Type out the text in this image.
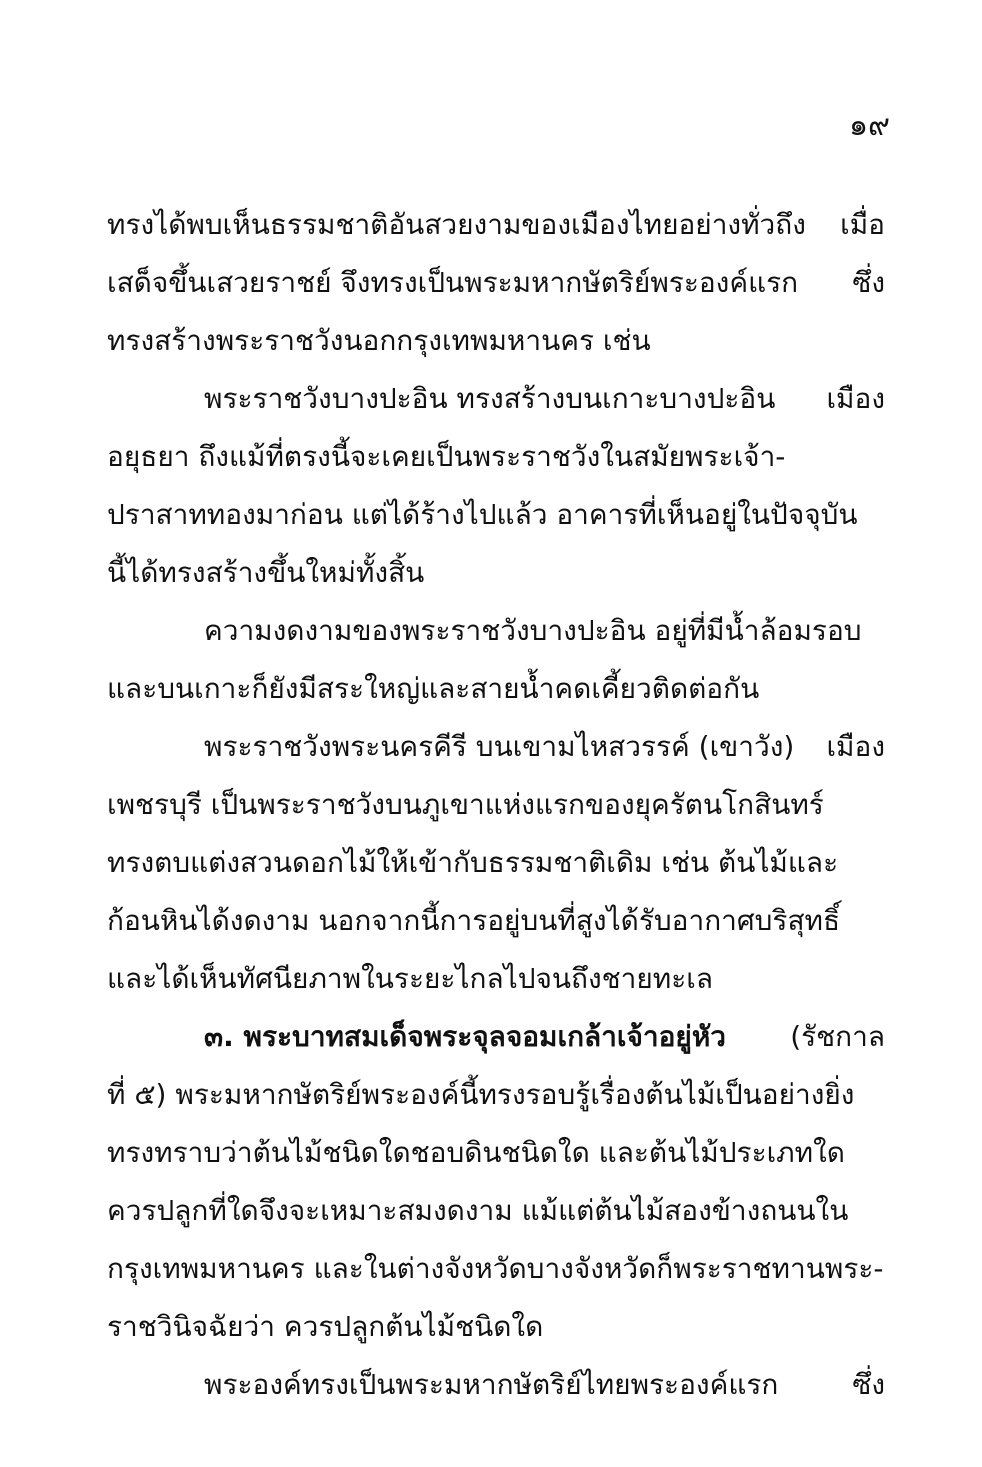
๑๙
ทรงได้พบเห็นธรรมชาติอันสวยงามของเมืองไทยอย่างทั่วถึง เมื่อ
เสด็จขึ้นเสวยราชย์ จึงทรงเป็นพระมหากษัตริย์พระองค์แรก ซึ่ง
ทรงสร้างพระราชวังนอกกรุงเทพมหานคร เช่น
พระราชวังบางปะอิน ทรงสร้างบนเกาะบางปะอิน เมือง
อยุธยา ถึงแม้ที่ตรงนี้จะเคยเป็นพระราชวังในสมัยพระเจ้า-
ปราสาททองมาก่อน แต่ได้ร้างไปแล้ว อาคารที่เห็นอยู่ในปัจจุบัน
นี้ได้ทรงสร้างขึ้นใหม่ทั้งสิ้น
ความงดงามของพระราชวังบางปะอิน อยู่ที่มีน้ำล้อมรอบ
และบนเกาะก็ยังมีสระใหญ่และสายน้ำคดเคี้ยวติดต่อกัน
พระราชวังพระนครคีรี บนเขามไหสวรรค์ (เขาวัง) เมือง
เพชรบุรี เป็นพระราชวังบนภูเขาแห่งแรกของยุครัตนโกสินทร์
ทรงตบแต่งสวนดอกไม้ให้เข้ากับธรรมชาติเดิม เช่น ต้นไม้และ
ก้อนหินได้งดงาม นอกจากนี้การอยู่บนที่สูงได้รับอากาศบริสุทธิ์
และได้เห็นทัศนียภาพในระยะไกลไปจนถึงชายทะเล
๓. พระบาทสมเด็จพระจุลจอมเกล้าเจ้าอยู่หัว (รัชกาล
ที่ ๕) พระมหากษัตริย์พระองค์นี้ทรงรอบรู้เรื่องต้นไม้เป็นอย่างยิ่ง
ทรงทราบว่าต้นไม้ชนิดใดชอบดินชนิดใด และต้นไม้ประเภทใด
ควรปลูกที่ใดจึงจะเหมาะสมงดงาม แม้แต่ต้นไม้สองข้างถนนใน
กรุงเทพมหานคร และในต่างจังหวัดบางจังหวัดก็พระราชทานพระ-
ราชวินิจฉัยว่า ควรปลูกต้นไม้ชนิดใด
พระองค์ทรงเป็นพระมหากษัตริย์ไทยพระองค์แรก	ซึ่ง
